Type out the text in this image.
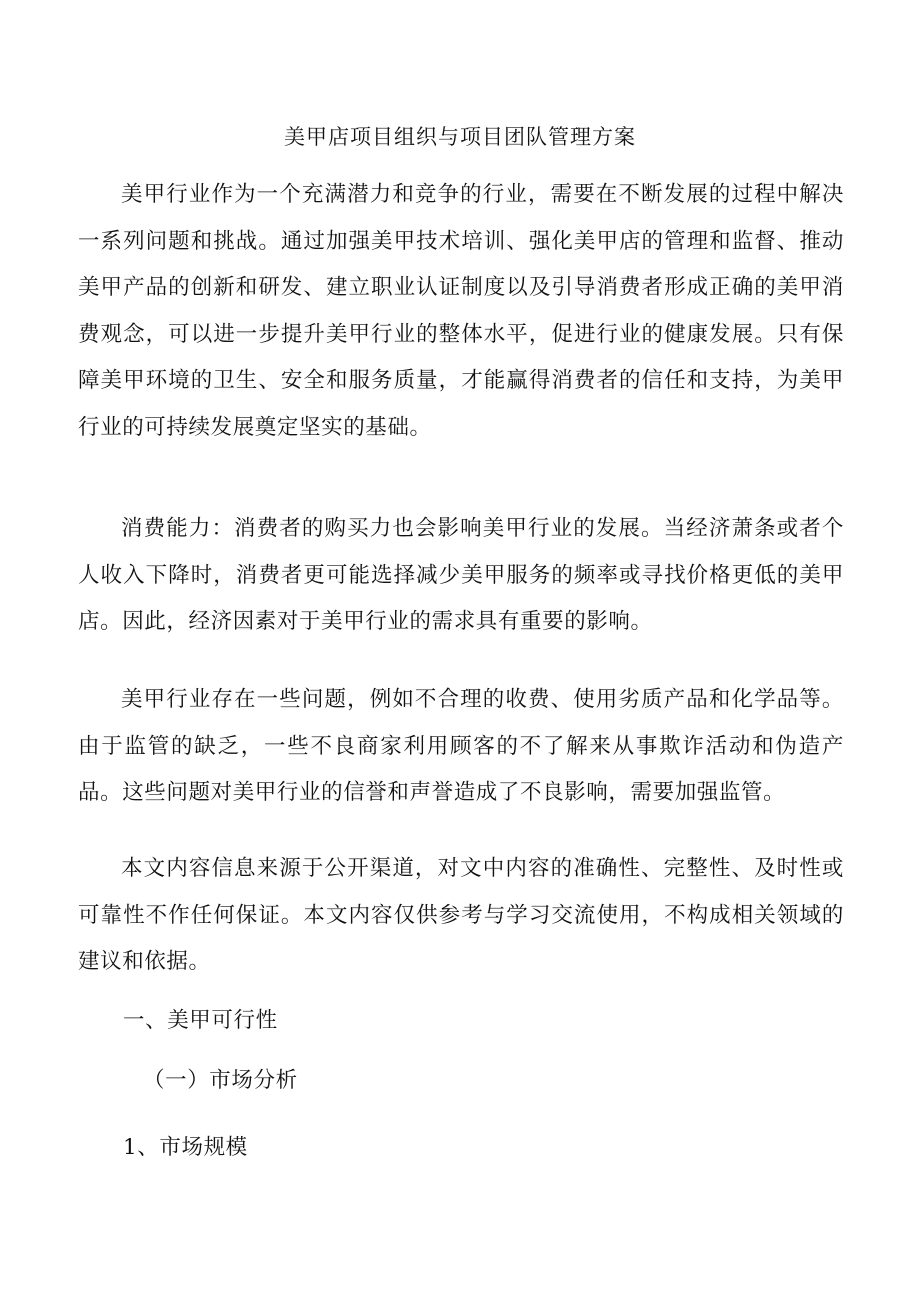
美甲店项目组织与项目团队管理方案

美甲行业作为一个充满潜力和竞争的行业，需要在不断发展的过程中解决一系列问题和挑战。通过加强美甲技术培训、强化美甲店的管理和监督、推动美甲产品的创新和研发、建立职业认证制度以及引导消费者形成正确的美甲消费观念，可以进一步提升美甲行业的整体水平，促进行业的健康发展。只有保障美甲环境的卫生、安全和服务质量，才能赢得消费者的信任和支持，为美甲行业的可持续发展奠定坚实的基础。

消费能力：消费者的购买力也会影响美甲行业的发展。当经济萧条或者个人收入下降时，消费者更可能选择减少美甲服务的频率或寻找价格更低的美甲店。因此，经济因素对于美甲行业的需求具有重要的影响。

美甲行业存在一些问题，例如不合理的收费、使用劣质产品和化学品等。由于监管的缺乏，一些不良商家利用顾客的不了解来从事欺诈活动和伪造产品。这些问题对美甲行业的信誉和声誉造成了不良影响，需要加强监管。

本文内容信息来源于公开渠道，对文中内容的准确性、完整性、及时性或可靠性不作任何保证。本文内容仅供参考与学习交流使用，不构成相关领域的建议和依据。

一、美甲可行性
（一）市场分析
1、市场规模
